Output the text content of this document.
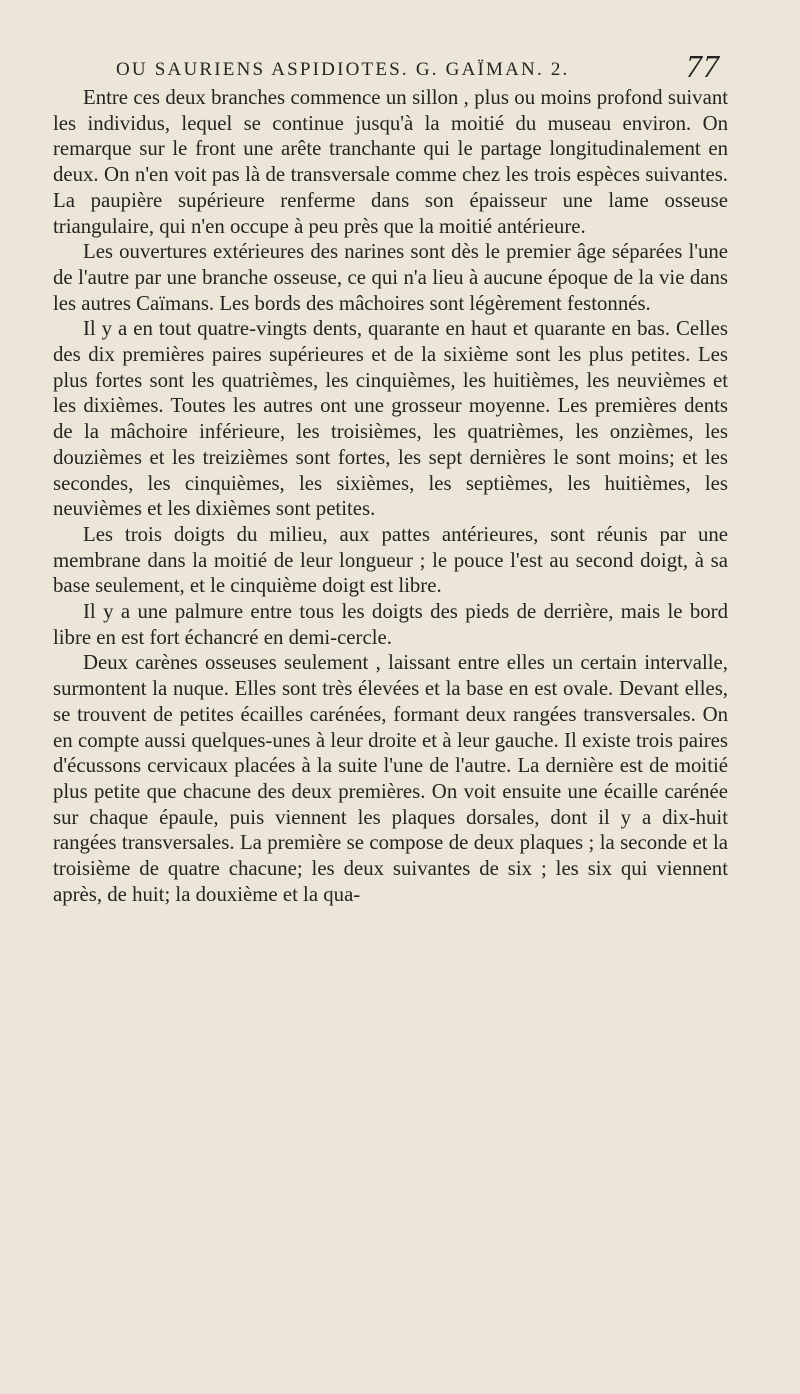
OU SAURIENS ASPIDIOTES. G. GAÏMAN. 2.	77

Entre ces deux branches commence un sillon , plus ou moins profond suivant les individus, lequel se continue jusqu'à la moitié du museau environ. On remarque sur le front une arête tranchante qui le partage longitudinalement en deux. On n'en voit pas là de transversale comme chez les trois espèces suivantes. La paupière supérieure renferme dans son épaisseur une lame osseuse triangulaire, qui n'en occupe à peu près que la moitié antérieure.

Les ouvertures extérieures des narines sont dès le premier âge séparées l'une de l'autre par une branche osseuse, ce qui n'a lieu à aucune époque de la vie dans les autres Caïmans. Les bords des mâchoires sont légèrement festonnés.

Il y a en tout quatre-vingts dents, quarante en haut et quarante en bas. Celles des dix premières paires supérieures et de la sixième sont les plus petites. Les plus fortes sont les quatrièmes, les cinquièmes, les huitièmes, les neuvièmes et les dixièmes. Toutes les autres ont une grosseur moyenne. Les premières dents de la mâchoire inférieure, les troisièmes, les quatrièmes, les onzièmes, les douzièmes et les treizièmes sont fortes, les sept dernières le sont moins; et les secondes, les cinquièmes, les sixièmes, les septièmes, les huitièmes, les neuvièmes et les dixièmes sont petites.

Les trois doigts du milieu, aux pattes antérieures, sont réunis par une membrane dans la moitié de leur longueur ; le pouce l'est au second doigt, à sa base seulement, et le cinquième doigt est libre.

Il y a une palmure entre tous les doigts des pieds de derrière, mais le bord libre en est fort échancré en demi-cercle.

Deux carènes osseuses seulement , laissant entre elles un certain intervalle, surmontent la nuque. Elles sont très élevées et la base en est ovale. Devant elles, se trouvent de petites écailles carénées, formant deux rangées transversales. On en compte aussi quelques-unes à leur droite et à leur gauche. Il existe trois paires d'écussons cervicaux placées à la suite l'une de l'autre. La dernière est de moitié plus petite que chacune des deux premières. On voit ensuite une écaille carénée sur chaque épaule, puis viennent les plaques dorsales, dont il y a dix-huit rangées transversales. La première se compose de deux plaques ; la seconde et la troisième de quatre chacune; les deux suivantes de six ; les six qui viennent après, de huit; la douxième et la qua-
